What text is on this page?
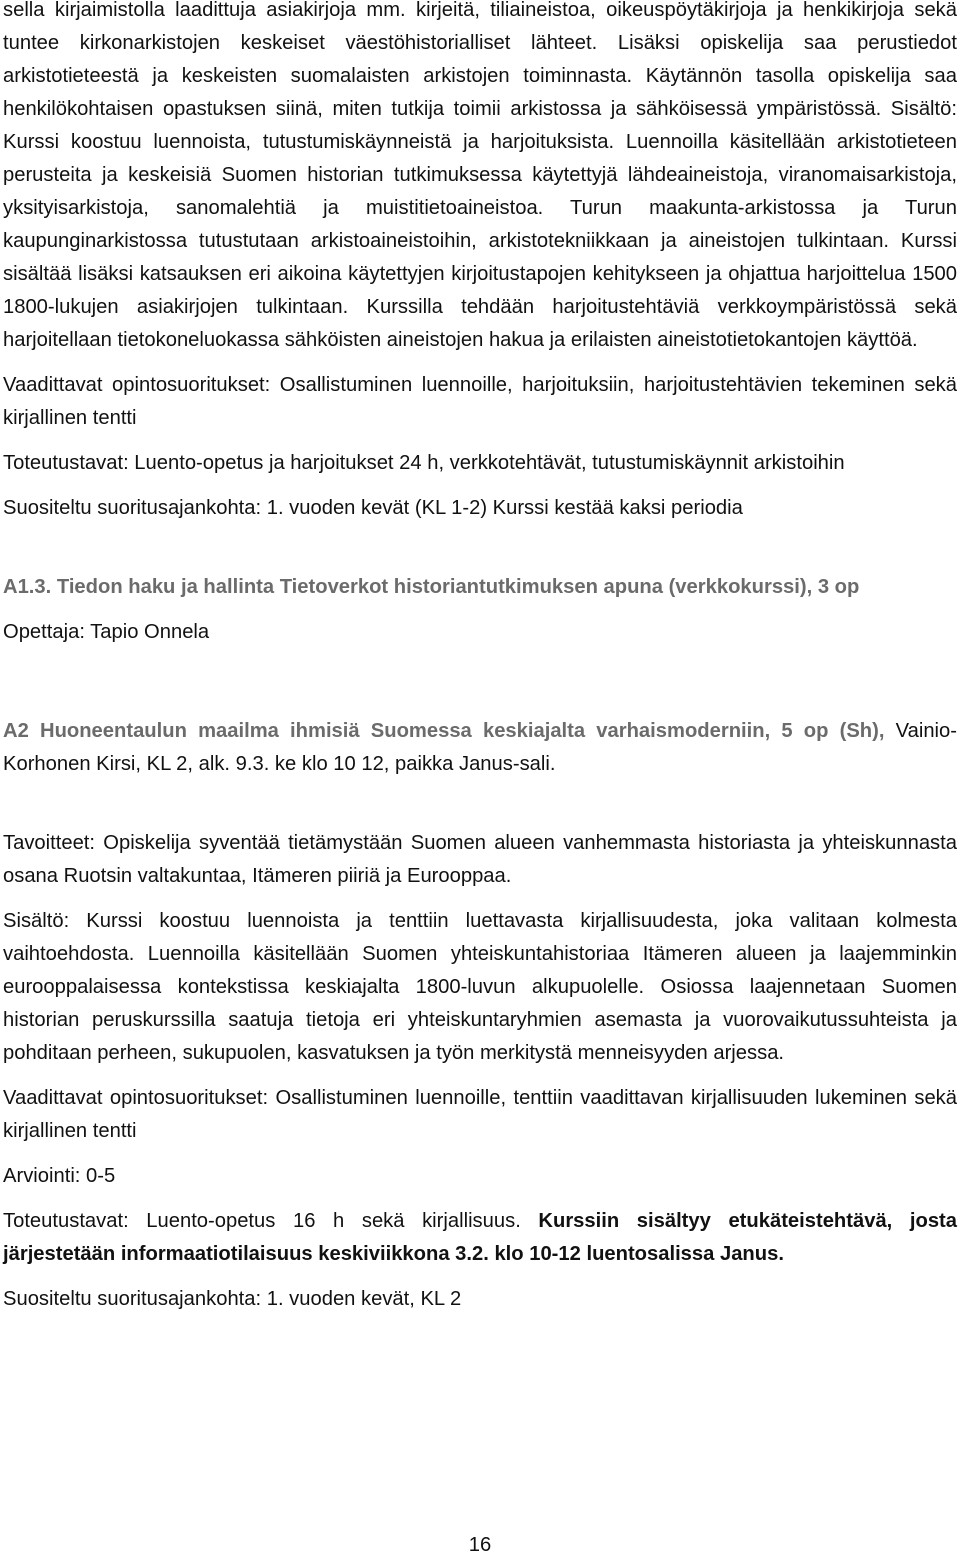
sella kirjaimistolla laadittuja asiakirjoja mm. kirjeitä, tiliaineistoa, oikeuspöytäkirjoja ja henkikirjoja sekä tuntee kirkonarkistojen keskeiset väestöhistorialliset lähteet. Lisäksi opiskelija saa perustiedot arkistotieteestä ja keskeisten suomalaisten arkistojen toiminnasta. Käytännön tasolla opiskelija saa henkilökohtaisen opastuksen siinä, miten tutkija toimii arkistossa ja sähköisessä ympäristössä. Sisältö: Kurssi koostuu luennoista, tutustumiskäynneistä ja harjoituksista. Luennoilla käsitellään arkistotieteen perusteita ja keskeisiä Suomen historian tutkimuksessa käytettyjä lähdeaineistoja, viranomaisarkistoja, yksityisarkistoja, sanomalehtiä ja muistitietoaineistoa. Turun maakunta-arkistossa ja Turun kaupunginarkistossa tutustutaan arkistoaineistoihin, arkistotekniikkaan ja aineistojen tulkintaan. Kurssi sisältää lisäksi katsauksen eri aikoina käytettyjen kirjoitustapojen kehitykseen ja ohjattua harjoittelua 1500 1800-lukujen asiakirjojen tulkintaan. Kurssilla tehdään harjoitustehtäviä verkkoympäristössä sekä harjoitellaan tietokoneluokassa sähköisten aineistojen hakua ja erilaisten aineistotietokantojen käyttöä.

Vaadittavat opintosuoritukset: Osallistuminen luennoille, harjoituksiin, harjoitustehtävien tekeminen sekä kirjallinen tentti

Toteutustavat: Luento-opetus ja harjoitukset 24 h, verkkotehtävät, tutustumiskäynnit arkistoihin

Suositeltu suoritusajankohta: 1. vuoden kevät (KL 1-2) Kurssi kestää kaksi periodia

A1.3. Tiedon haku ja hallinta Tietoverkot historiantutkimuksen apuna (verkkokurssi), 3 op

Opettaja: Tapio Onnela

A2 Huoneentaulun maailma ihmisiä Suomessa keskiajalta varhaismoderniin, 5 op (Sh), Vainio-Korhonen Kirsi, KL 2, alk. 9.3. ke klo 10 12, paikka Janus-sali.

Tavoitteet: Opiskelija syventää tietämystään Suomen alueen vanhemmasta historiasta ja yhteiskunnasta osana Ruotsin valtakuntaa, Itämeren piiriä ja Eurooppaa.

Sisältö: Kurssi koostuu luennoista ja tenttiin luettavasta kirjallisuudesta, joka valitaan kolmesta vaihtoehdosta. Luennoilla käsitellään Suomen yhteiskuntahistoriaa Itämeren alueen ja laajemminkin eurooppalaisessa kontekstissa keskiajalta 1800-luvun alkupuolelle. Osiossa laajennetaan Suomen historian peruskurssilla saatuja tietoja eri yhteiskuntaryhmien asemasta ja vuorovaikutussuhteista ja pohditaan perheen, sukupuolen, kasvatuksen ja työn merkitystä menneisyyden arjessa.

Vaadittavat opintosuoritukset: Osallistuminen luennoille, tenttiin vaadittavan kirjallisuuden lukeminen sekä kirjallinen tentti

Arviointi: 0-5

Toteutustavat: Luento-opetus 16 h sekä kirjallisuus. Kurssiin sisältyy etukäteistehtävä, josta järjestetään informaatiotilaisuus keskiviikkona 3.2. klo 10-12 luentosalissa Janus.

Suositeltu suoritusajankohta: 1. vuoden kevät, KL 2

16
